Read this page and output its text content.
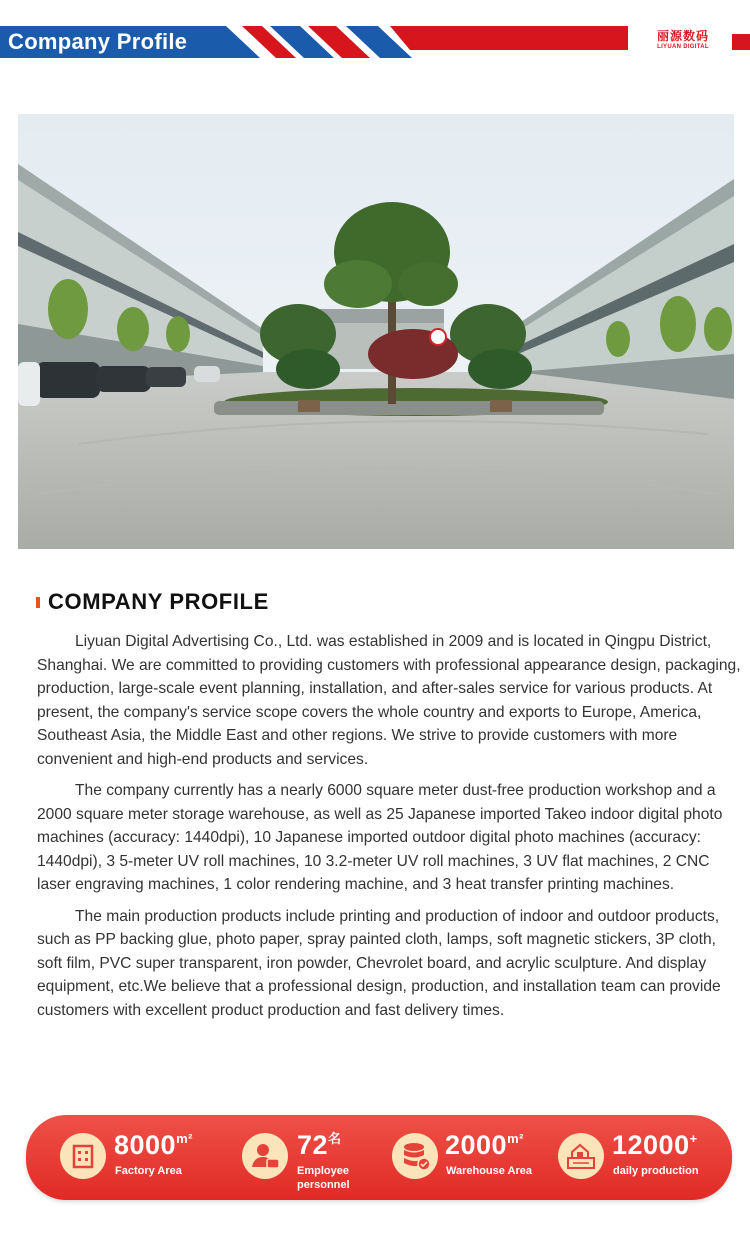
Company Profile	丽源数码
LIYUAN DIGITAL
COMPANY PROFILE

Liyuan Digital Advertising Co., Ltd. was established in 2009 and is located in Qingpu District, Shanghai. We are committed to providing customers with professional appearance design, packaging, production, large-scale event planning, installation, and after-sales service for various products. At present, the company's service scope covers the whole country and exports to Europe, America, Southeast Asia, the Middle East and other regions. We strive to provide customers with more convenient and high-end products and services.

The company currently has a nearly 6000 square meter dust-free production workshop and a 2000 square meter storage warehouse, as well as 25 Japanese imported Takeo indoor digital photo machines (accuracy: 1440dpi), 10 Japanese imported outdoor digital photo machines (accuracy: 1440dpi), 3 5-meter UV roll machines, 10 3.2-meter UV roll machines, 3 UV flat machines, 2 CNC laser engraving machines, 1 color rendering machine, and 3 heat transfer printing machines.

The main production products include printing and production of indoor and outdoor products, such as PP backing glue, photo paper, spray painted cloth, lamps, soft magnetic stickers, 3P cloth, soft film, PVC super transparent, iron powder, Chevrolet board, and acrylic sculpture. And display equipment, etc.We believe that a professional design, production, and installation team can provide customers with excellent product production and fast delivery times.

$8000^{m^2}$
Factory Area
$72^名$
Employee personnel
$2000^{m^2}$
Warehouse Area
12000+
daily production
